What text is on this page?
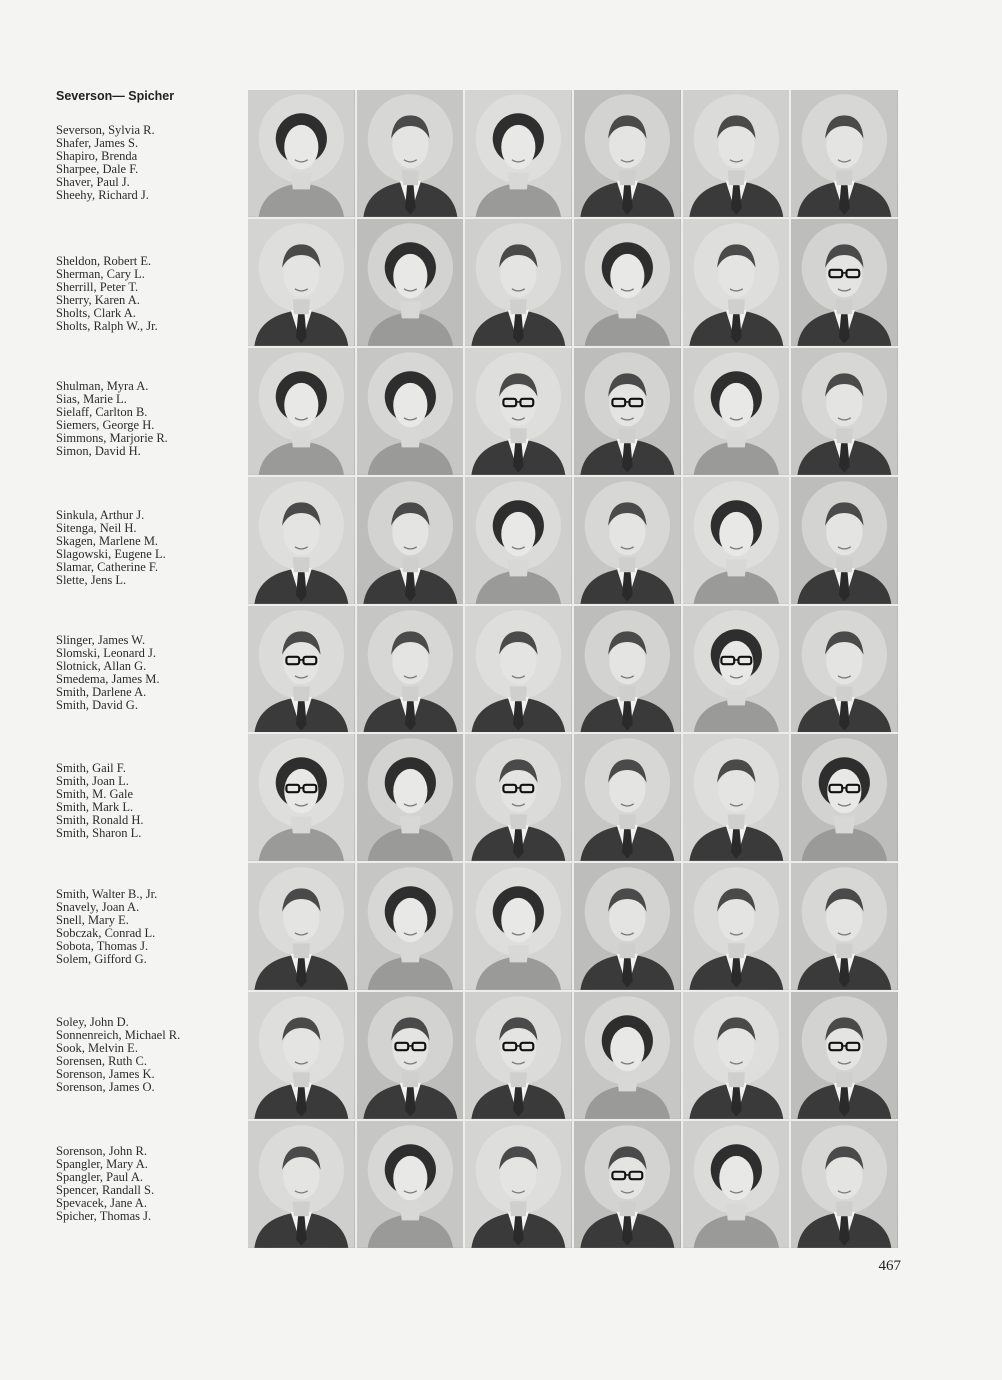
Severson— Spicher
Severson, Sylvia R.
Shafer, James S.
Shapiro, Brenda
Sharpee, Dale F.
Shaver, Paul J.
Sheehy, Richard J.
Sheldon, Robert E.
Sherman, Cary L.
Sherrill, Peter T.
Sherry, Karen A.
Sholts, Clark A.
Sholts, Ralph W., Jr.
Shulman, Myra A.
Sias, Marie L.
Sielaff, Carlton B.
Siemers, George H.
Simmons, Marjorie R.
Simon, David H.
Sinkula, Arthur J.
Sitenga, Neil H.
Skagen, Marlene M.
Slagowski, Eugene L.
Slamar, Catherine F.
Slette, Jens L.
Slinger, James W.
Slomski, Leonard J.
Slotnick, Allan G.
Smedema, James M.
Smith, Darlene A.
Smith, David G.
Smith, Gail F.
Smith, Joan L.
Smith, M. Gale
Smith, Mark L.
Smith, Ronald H.
Smith, Sharon L.
Smith, Walter B., Jr.
Snavely, Joan A.
Snell, Mary E.
Sobczak, Conrad L.
Sobota, Thomas J.
Solem, Gifford G.
Soley, John D.
Sonnenreich, Michael R.
Sook, Melvin E.
Sorensen, Ruth C.
Sorenson, James K.
Sorenson, James O.
Sorenson, John R.
Spangler, Mary A.
Spangler, Paul A.
Spencer, Randall S.
Spevacek, Jane A.
Spicher, Thomas J.
467
